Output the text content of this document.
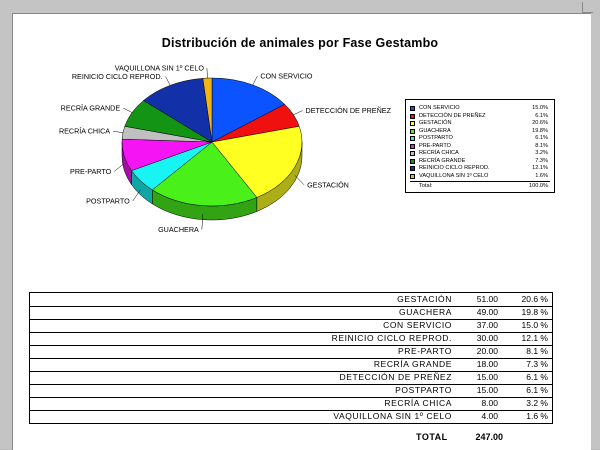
Distribución de animales por Fase Gestambo
CON SERVICIO
DETECCIÓN DE PREÑEZ
GESTACIÓN
GUACHERA
POSTPARTO
PRE-PARTO
RECRÍA CHICA
RECRÍA GRANDE
REINICIO CICLO REPROD.
VAQUILLONA SIN 1º CELO
CON SERVICIO	15.0%
DETECCIÓN DE PREÑEZ	6.1%
GESTACIÓN	20.6%
GUACHERA	19.8%
POSTPARTO	6.1%
PRE-PARTO	8.1%
RECRÍA CHICA	3.2%
RECRÍA GRANDE	7.3%
REINICIO CICLO REPROD.	12.1%
VAQUILLONA SIN 1º CELO	1.6%
Total:	100.0%
GESTACIÓN	51.00	20.6 %
GUACHERA	49.00	19.8 %
CON SERVICIO	37.00	15.0 %
REINICIO CICLO REPROD.	30.00	12.1 %
PRE-PARTO	20.00	8.1 %
RECRÍA GRANDE	18.00	7.3 %
DETECCIÓN DE PREÑEZ	15.00	6.1 %
POSTPARTO	15.00	6.1 %
RECRÍA CHICA	8.00	3.2 %
VAQUILLONA SIN 1º CELO	4.00	1.6 %
TOTAL	247.00
